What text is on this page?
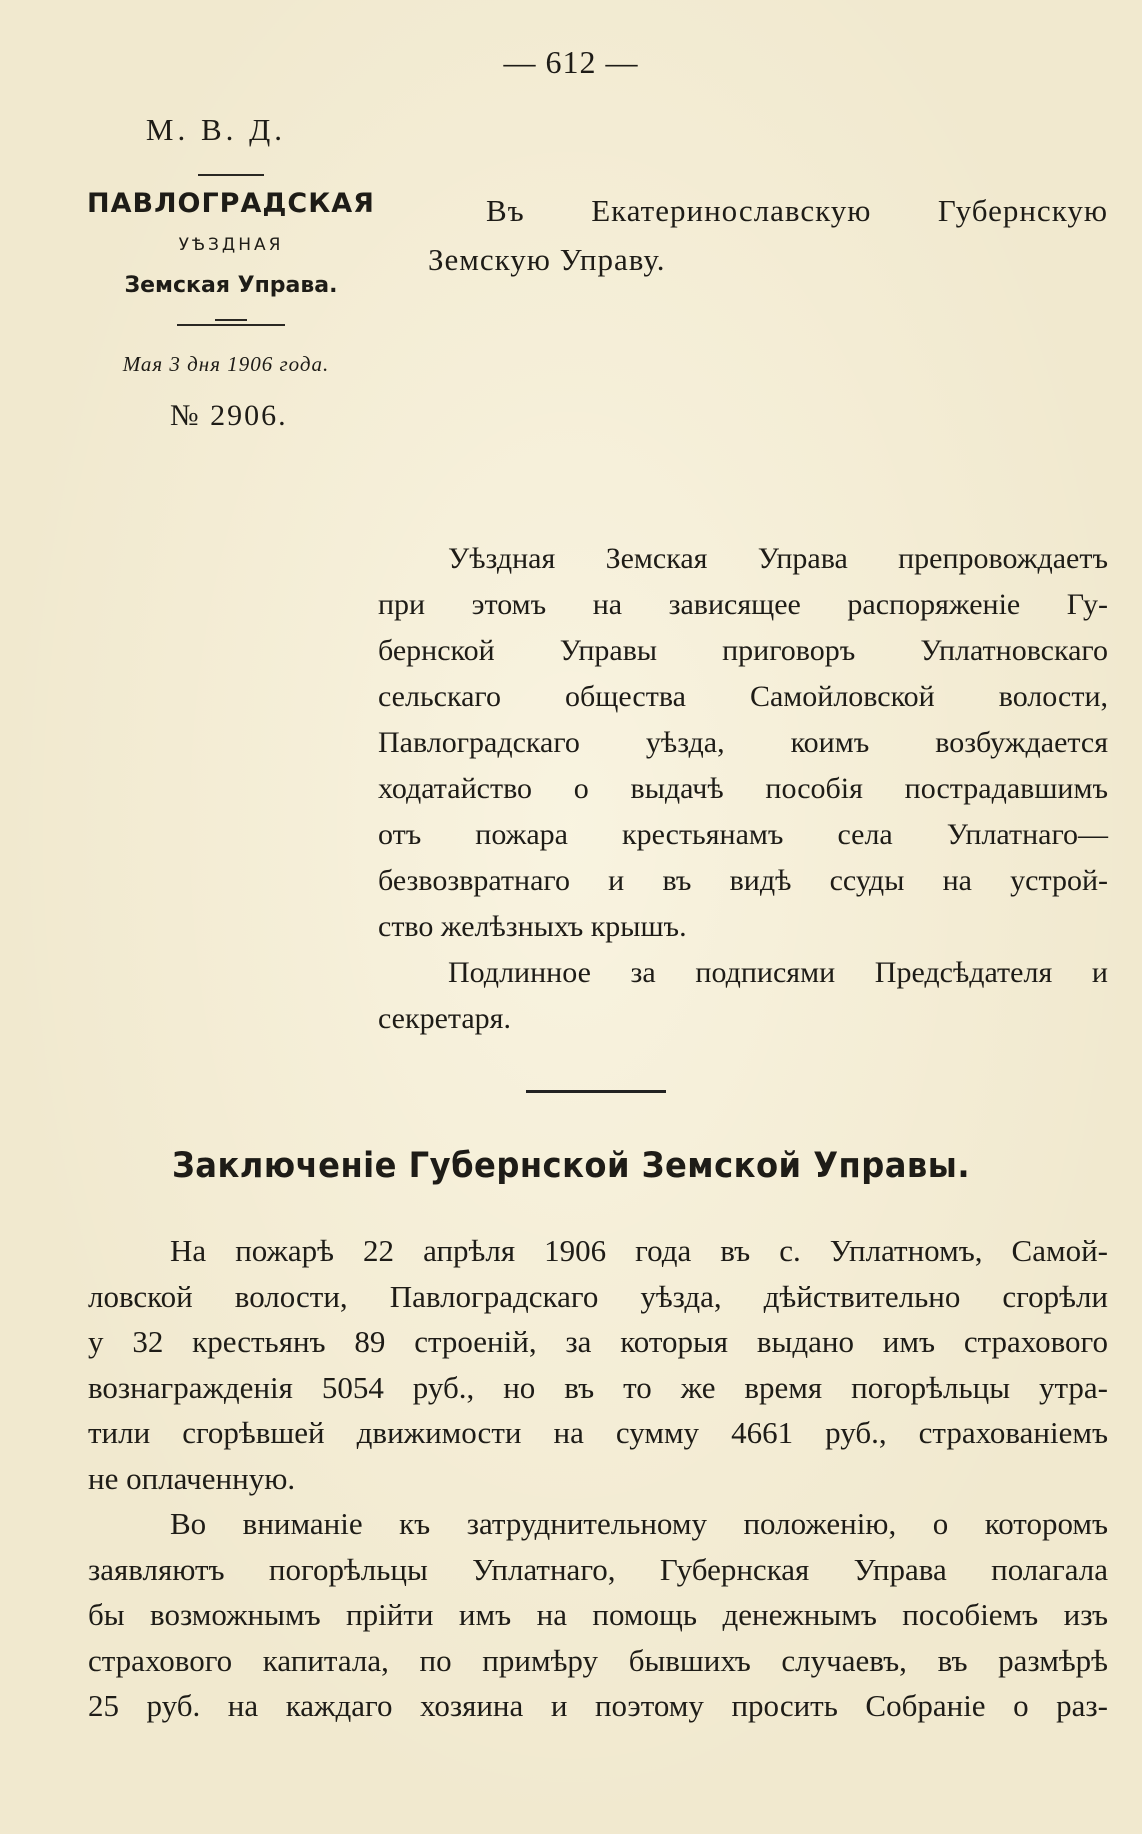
— 612 —
М. В. Д.
ПАВЛОГРАДСКАЯ
УѢЗДНАЯ
Земская Управа.
Мая 3 дня 1906 года.
№ 2906.
Въ Екатеринославскую Губернскую
Земскую Управу.
Уѣздная Земская Управа препровождаетъ
при этомъ на зависящее распоряженіе Гу-
бернской Управы приговоръ Уплатновскаго
сельскаго общества Самойловской волости,
Павлоградскаго уѣзда, коимъ возбуждается
ходатайство о выдачѣ пособія пострадавшимъ
отъ пожара крестьянамъ села Уплатнаго—
безвозвратнаго и въ видѣ ссуды на устрой-
ство желѣзныхъ крышъ.
Подлинное за подписями Предсѣдателя и
секретаря.
Заключеніе Губернской Земской Управы.
На пожарѣ 22 апрѣля 1906 года въ с. Уплатномъ, Самой-
ловской волости, Павлоградскаго уѣзда, дѣйствительно сгорѣли
у 32 крестьянъ 89 строеній, за которыя выдано имъ страхового
вознагражденія 5054 руб., но въ то же время погорѣльцы утра-
тили сгорѣвшей движимости на сумму 4661 руб., страхованіемъ
не оплаченную.
Во вниманіе къ затруднительному положенію, о которомъ
заявляютъ погорѣльцы Уплатнаго, Губернская Управа полагала
бы возможнымъ прійти имъ на помощь денежнымъ пособіемъ изъ
страхового капитала, по примѣру бывшихъ случаевъ, въ размѣрѣ
25 руб. на каждаго хозяина и поэтому просить Собраніе о раз-
